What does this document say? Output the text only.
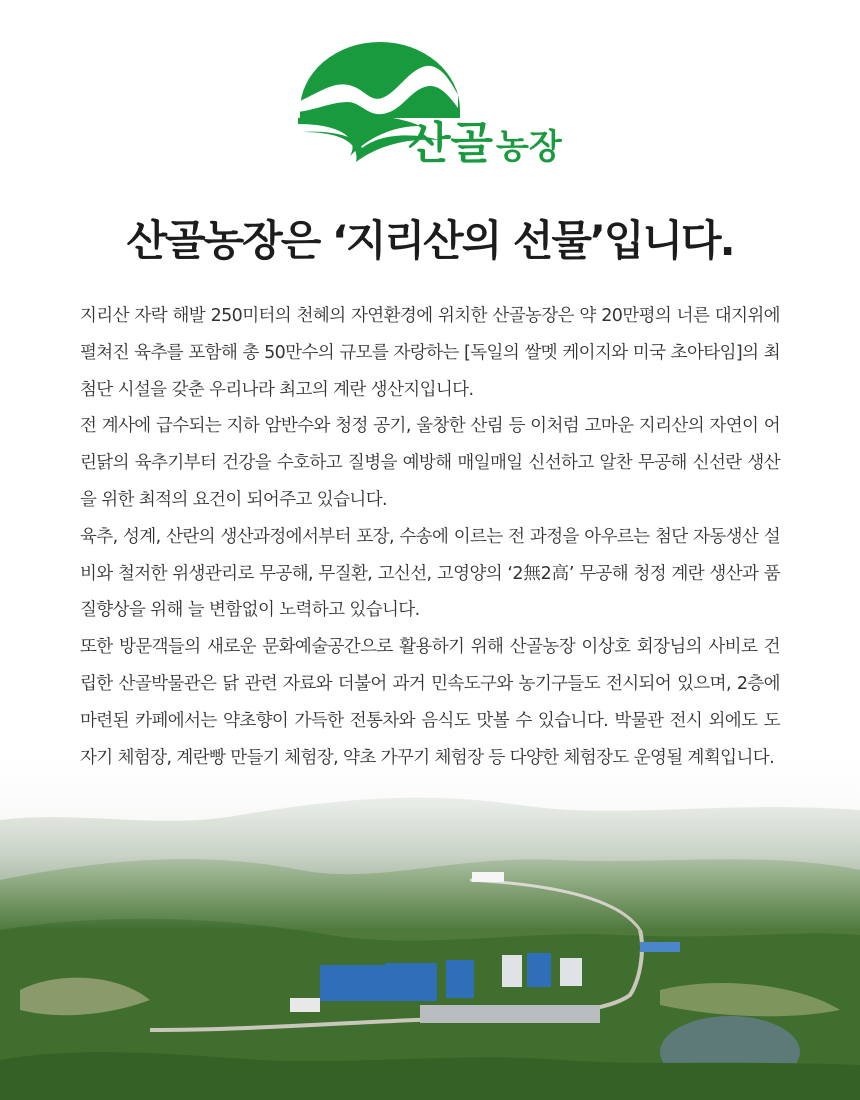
산골 농장
산골농장은 ‘지리산의 선물’입니다.

지리산 자락 해발 250미터의 천혜의 자연환경에 위치한 산골농장은 약 20만평의 너른 대지위에 펼쳐진 육추를 포함해 총 50만수의 규모를 자랑하는 [독일의 쌀멧 케이지와 미국 초아타임]의 최첨단 시설을 갖춘 우리나라 최고의 계란 생산지입니다.

전 계사에 급수되는 지하 암반수와 청정 공기, 울창한 산림 등 이처럼 고마운 지리산의 자연이 어린닭의 육추기부터 건강을 수호하고 질병을 예방해 매일매일 신선하고 알찬 무공해 신선란 생산을 위한 최적의 요건이 되어주고 있습니다.

육추, 성계, 산란의 생산과정에서부터 포장, 수송에 이르는 전 과정을 아우르는 첨단 자동생산 설비와 철저한 위생관리로 무공해, 무질환, 고신선, 고영양의 ‘2無2高’ 무공해 청정 계란 생산과 품질향상을 위해 늘 변함없이 노력하고 있습니다.

또한 방문객들의 새로운 문화예술공간으로 활용하기 위해 산골농장 이상호 회장님의 사비로 건립한 산골박물관은 닭 관련 자료와 더불어 과거 민속도구와 농기구들도 전시되어 있으며, 2층에 마련된 카페에서는 약초향이 가득한 전통차와 음식도 맛볼 수 있습니다. 박물관 전시 외에도 도자기 체험장, 계란빵 만들기 체험장, 약초 가꾸기 체험장 등 다양한 체험장도 운영될 계획입니다.
